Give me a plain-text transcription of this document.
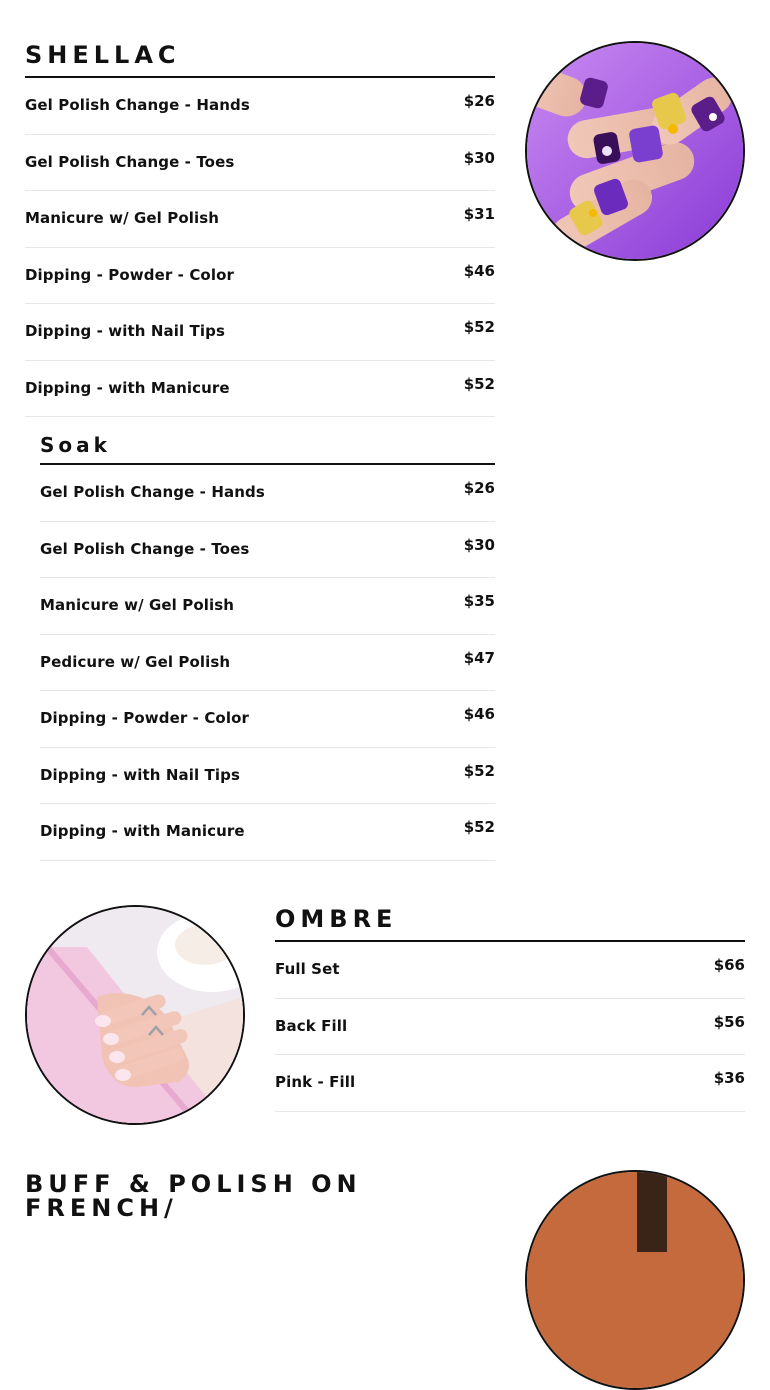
SHELLAC
Gel Polish Change - Hands	$26
Gel Polish Change - Toes	$30
Manicure w/ Gel Polish	$31
Dipping - Powder - Color	$46
Dipping - with Nail Tips	$52
Dipping - with Manicure	$52
Soak
Gel Polish Change - Hands	$26
Gel Polish Change - Toes	$30
Manicure w/ Gel Polish	$35
Pedicure w/ Gel Polish	$47
Dipping - Powder - Color	$46
Dipping - with Nail Tips	$52
Dipping - with Manicure	$52
OMBRE
Full Set	$66
Back Fill	$56
Pink - Fill	$36
BUFF & POLISH ON FRENCH/
